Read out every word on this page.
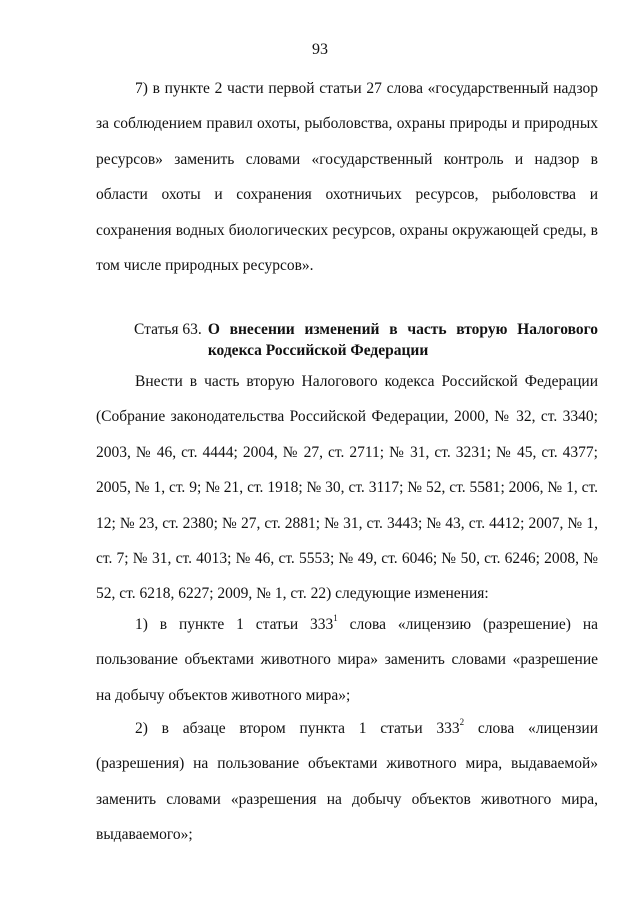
93

7) в пункте 2 части первой статьи 27 слова «государственный надзор за соблюдением правил охоты, рыболовства, охраны природы и природных ресурсов» заменить словами «государственный контроль и надзор в области охоты и сохранения охотничьих ресурсов, рыболовства и сохранения водных биологических ресурсов, охраны окружающей среды, в том числе природных ресурсов».

Статья 63. О внесении изменений в часть вторую Налогового кодекса Российской Федерации

Внести в часть вторую Налогового кодекса Российской Федерации (Собрание законодательства Российской Федерации, 2000, № 32, ст. 3340; 2003, № 46, ст. 4444; 2004, № 27, ст. 2711; № 31, ст. 3231; № 45, ст. 4377; 2005, № 1, ст. 9; № 21, ст. 1918; № 30, ст. 3117; № 52, ст. 5581; 2006, № 1, ст. 12; № 23, ст. 2380; № 27, ст. 2881; № 31, ст. 3443; № 43, ст. 4412; 2007, № 1, ст. 7; № 31, ст. 4013; № 46, ст. 5553; № 49, ст. 6046; № 50, ст. 6246; 2008, № 52, ст. 6218, 6227; 2009, № 1, ст. 22) следующие изменения:

1) в пункте 1 статьи $333^1$ слова «лицензию (разрешение) на пользование объектами животного мира» заменить словами «разрешение на добычу объектов животного мира»;

2) в абзаце втором пункта 1 статьи $333^2$ слова «лицензии (разрешения) на пользование объектами животного мира, выдаваемой» заменить словами «разрешения на добычу объектов животного мира, выдаваемого»;
